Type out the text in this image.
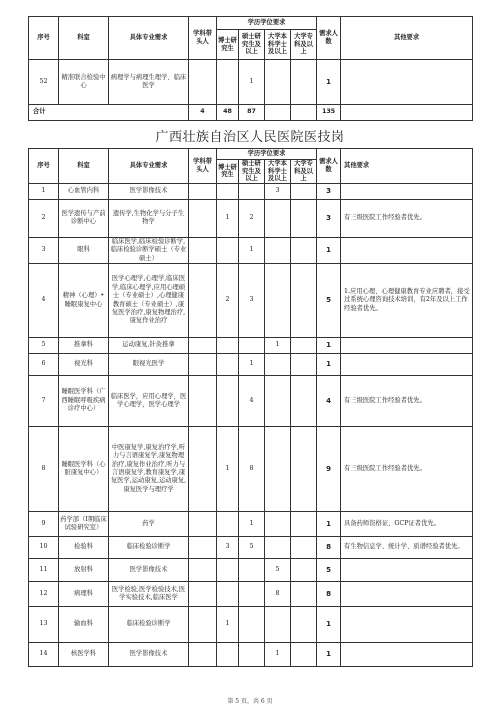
序号	科室	具体专业需求	学科带头人	学历学位要求				需求人数	其他要求
				博士研究生	硕士研究生及以上	大学本科学士及以上	大学专科及以上		
52	精准联合检验中心	病理学与病理生理学、临床医学			1			1	
合计			4	48	87			135	
广西壮族自治区人民医院医技岗
序号	科室	具体专业需求	学科带头人	学历学位要求				需求人数	其他要求
				博士研究生	硕士研究生及以上	大学本科学士及以上	大学专科及以上		
1	心血管内科	医学影像技术				3		3	
2	医学遗传与产前诊断中心	遗传学,生物化学与分子生物学		1	2			3	有三级医院工作经验者优先。
3	眼科	临床医学,临床检验诊断学,临床检验诊断学硕士（专业硕士）			1			1	
4	精神（心理）•睡眠康复中心	医学心理学,心理学,临床医学,临床心理学,应用心理硕士（专业硕士）,心理健康教育硕士（专业硕士）,康复医学治疗,康复物理治疗,康复作业治疗		2	3			5	1.应用心理、心理健康教育专业应聘者，接受过系统心理咨询技术培训，有2年及以上工作经验者优先。
5	推拿科	运动康复,针灸推拿				1		1	
6	视光科	眼视光医学			1			1	
7	睡眠医学科（广西睡眠呼吸疾病诊疗中心）	临床医学，应用心理学，医学心理学，医学心理学			4			4	有三级医院工作经验者优先。
8	睡眠医学科（心脏康复中心）	中医康复学,康复治疗学,听力与言语康复学,康复物理治疗,康复作业治疗,听力与言语康复学,教育康复学,康复医学,运动康复,运动康复,康复医学与理疗学		1	8			9	有三级医院工作经验者优先。
9	药学部（I期临床试验研究室）	药学			1			1	具备药师资格证、GCP证者优先。
10	检验科	临床检验诊断学		3	5			8	有生物信息学、统计学、质谱经验者优先。
11	放射科	医学影像技术				5		5	
12	病理科	医学检验,医学检验技术,医学实验技术,临床医学				8		8	
13	输血科	临床检验诊断学		1				1	
14	核医学科	医学影像技术				1		1	
第 5 页，共 6 页
